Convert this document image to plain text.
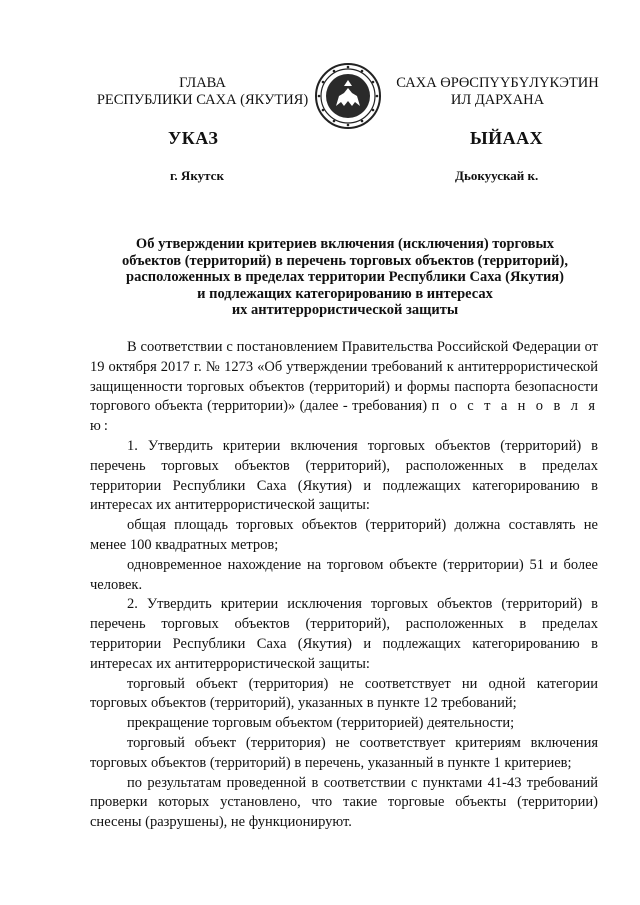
ГЛАВА
РЕСПУБЛИКИ САХА (ЯКУТИЯ)
САХА ӨРӨСПҮҮБҮЛҮКЭТИН
ИЛ ДАРХАНА
УКАЗ	ЫЙААХ
г. Якутск	Дьокуускай к.
Об утверждении критериев включения (исключения) торговых
объектов (территорий) в перечень торговых объектов (территорий),
расположенных в пределах территории Республики Саха (Якутия)
и подлежащих категорированию в интересах
их антитеррористической защиты

В соответствии с постановлением Правительства Российской Федерации от 19 октября 2017 г. № 1273 «Об утверждении требований к антитеррористической защищенности торговых объектов (территорий) и формы паспорта безопасности торгового объекта (территории)» (далее - требования) п о с т а н о в л я ю:

1. Утвердить критерии включения торговых объектов (территорий) в перечень торговых объектов (территорий), расположенных в пределах территории Республики Саха (Якутия) и подлежащих категорированию в интересах их антитеррористической защиты:

общая площадь торговых объектов (территорий) должна составлять не менее 100 квадратных метров;

одновременное нахождение на торговом объекте (территории) 51 и более человек.

2. Утвердить критерии исключения торговых объектов (территорий) в перечень торговых объектов (территорий), расположенных в пределах территории Республики Саха (Якутия) и подлежащих категорированию в интересах их антитеррористической защиты:

торговый объект (территория) не соответствует ни одной категории торговых объектов (территорий), указанных в пункте 12 требований;

прекращение торговым объектом (территорией) деятельности;

торговый объект (территория) не соответствует критериям включения торговых объектов (территорий) в перечень, указанный в пункте 1 критериев;

по результатам проведенной в соответствии с пунктами 41-43 требований проверки которых установлено, что такие торговые объекты (территории) снесены (разрушены), не функционируют.
